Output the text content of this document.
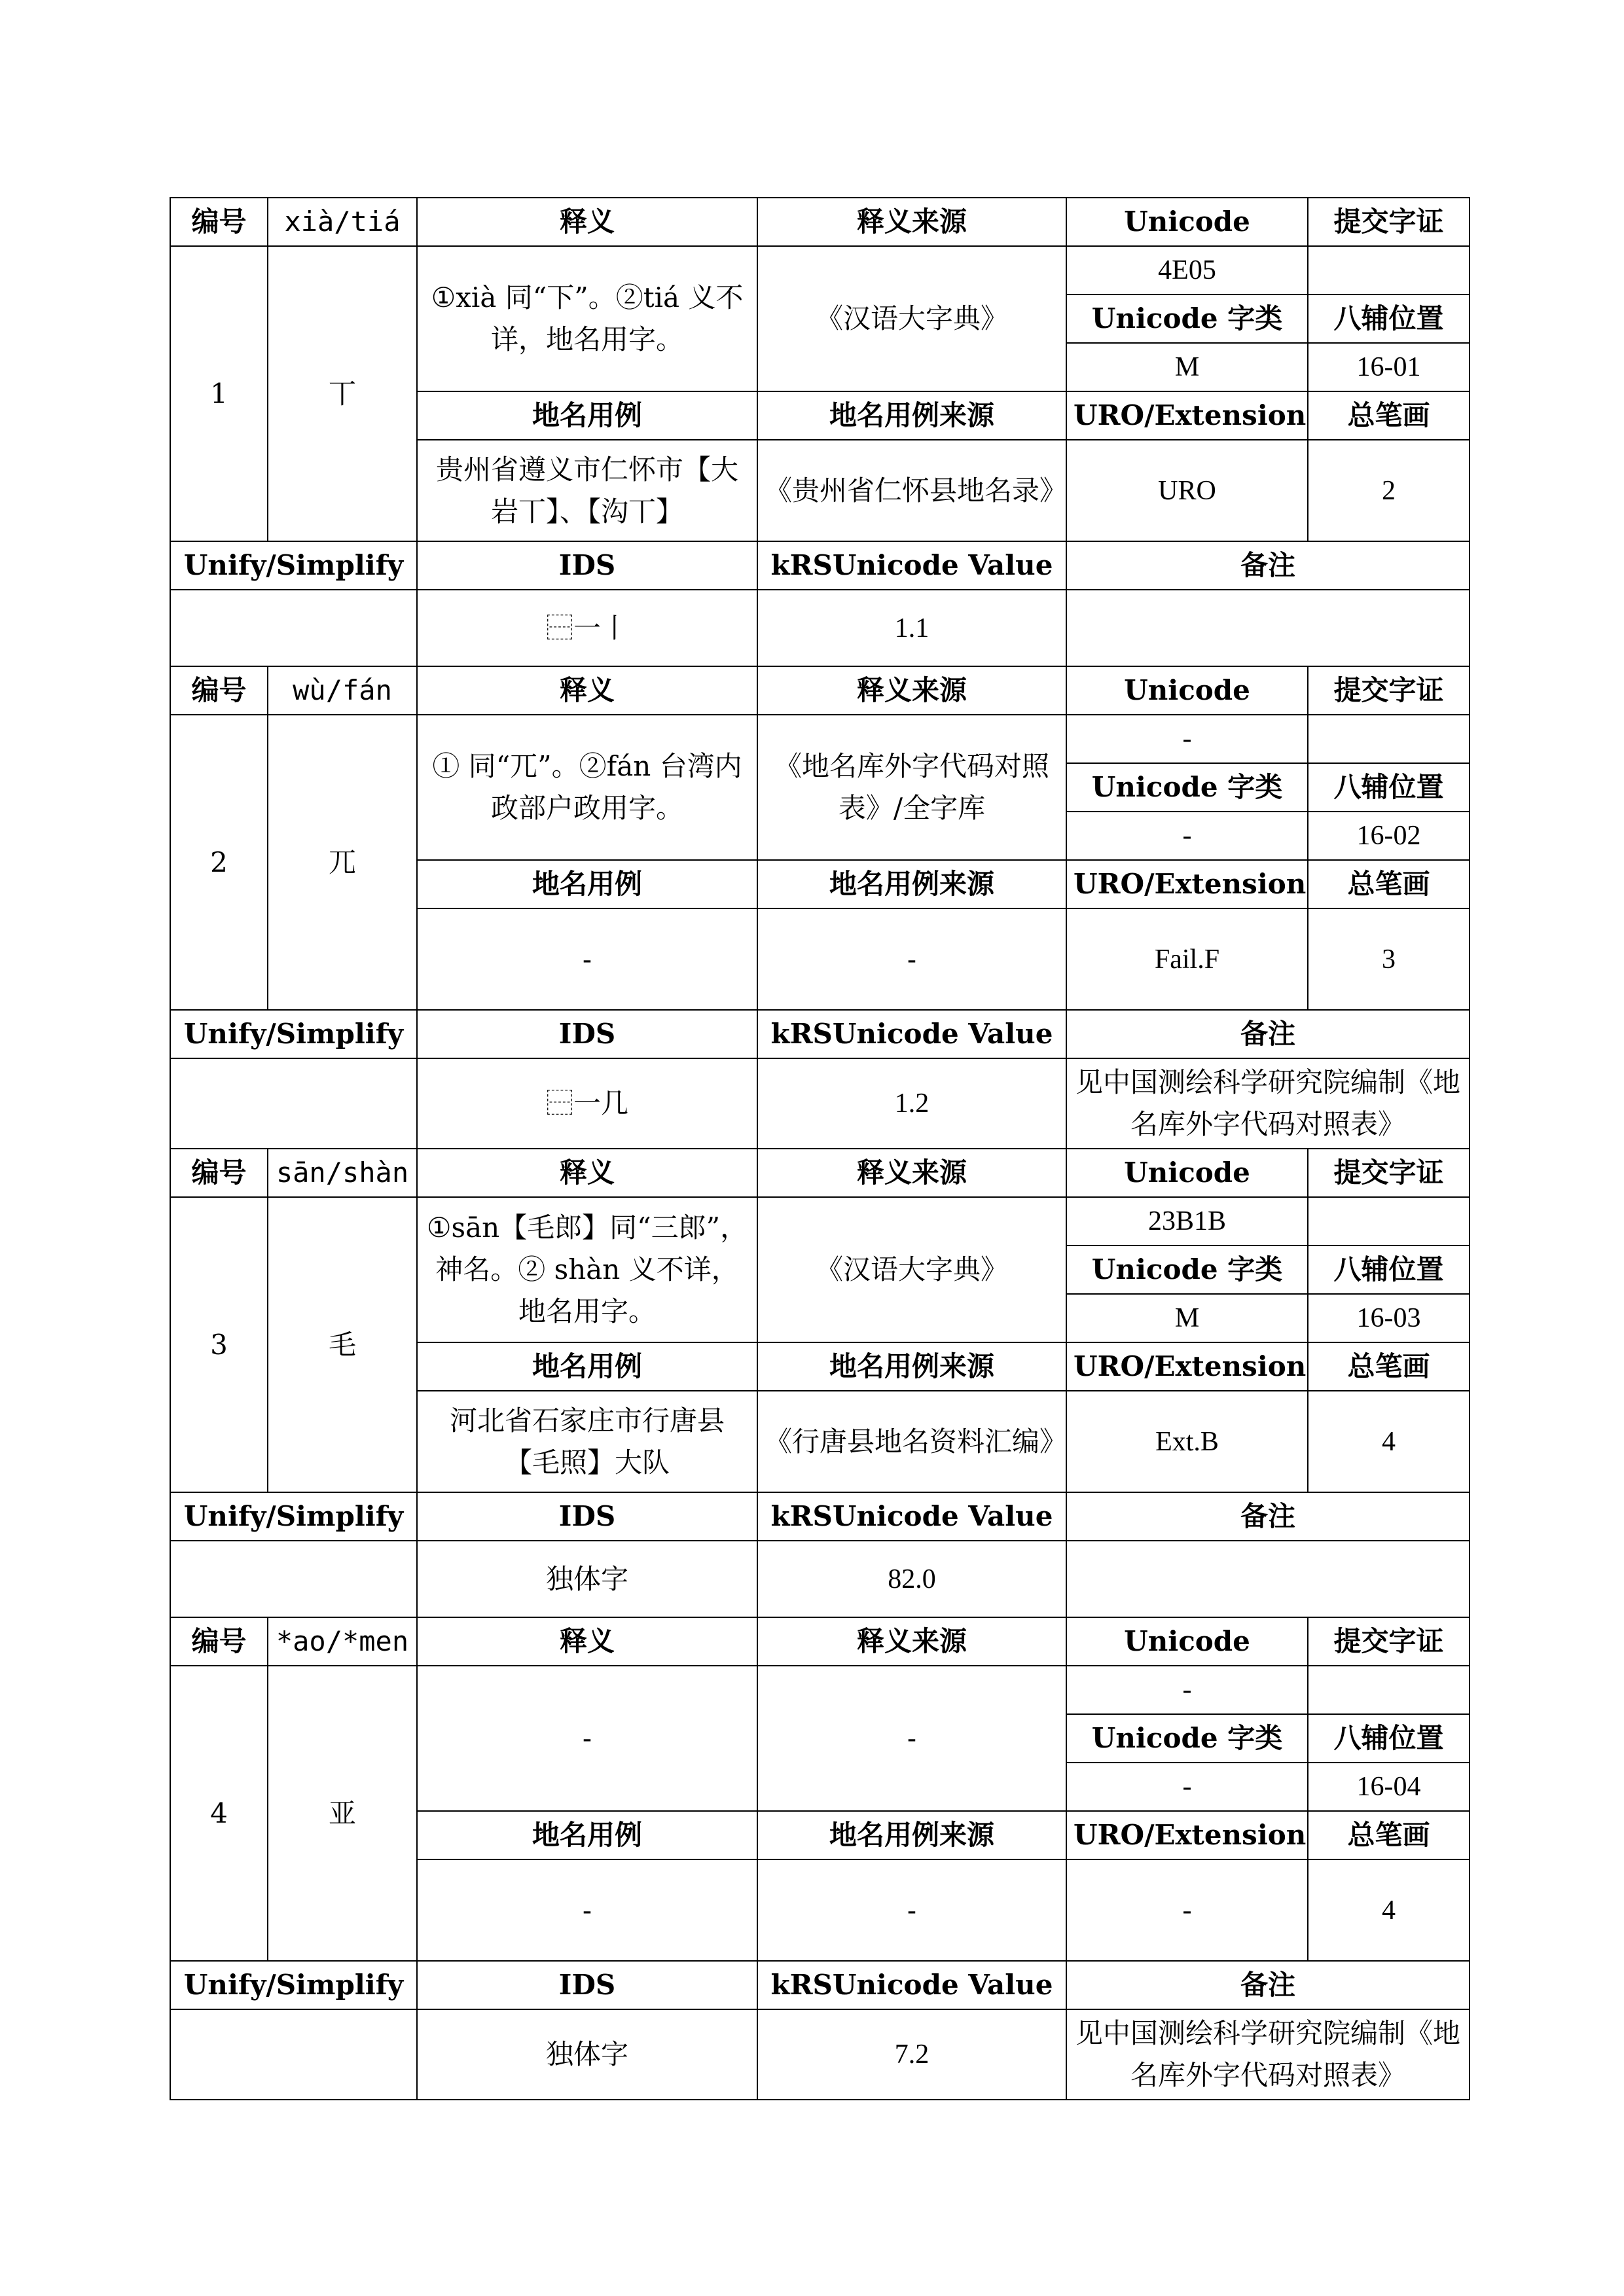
编号	xià/tiá	释义	释义来源	Unicode	提交字证
1	丅	①xià 同“下”。②tiá 义不详，地名用字。	《汉语大字典》	4E05	
				Unicode 字类	八辅位置
				M	16-01
		地名用例	地名用例来源	URO/Extension	总笔画
		贵州省遵义市仁怀市【大岩丅】、【沟丅】	《贵州省仁怀县地名录》	URO	2

Unify/Simplify		IDS	kRSUnicode Value	备注	
		⿱一丨	1.1		
编号	wù/fán	释义	释义来源	Unicode	提交字证
2	兀	① 同“兀”。②fán 台湾内政部户政用字。	《地名库外字代码对照表》/全字库	-	
				Unicode 字类	八辅位置
				-	16-02
		地名用例	地名用例来源	URO/Extension	总笔画
		-	-	Fail.F	3
Unify/Simplify		IDS	kRSUnicode Value	备注	
		⿱一几	1.2	见中国测绘科学研究院编制《地名库外字代码对照表》	
编号	sān/shàn	释义	释义来源	Unicode	提交字证
3	毛	①sān【毛郎】同“三郎”，神名。② shàn 义不详，地名用字。	《汉语大字典》	23B1B	
				Unicode 字类	八辅位置
				M	16-03
		地名用例	地名用例来源	URO/Extension	总笔画
		河北省石家庄市行唐县【毛照】大队	《行唐县地名资料汇编》	Ext.B	4
Unify/Simplify		IDS	kRSUnicode Value	备注	
		独体字	82.0		
编号	*ao/*men	释义	释义来源	Unicode	提交字证
4	亚	-	-	-	
				Unicode 字类	八辅位置
				-	16-04
		地名用例	地名用例来源	URO/Extension	总笔画
		-	-	-	4
Unify/Simplify		IDS	kRSUnicode Value	备注	
		独体字	7.2	见中国测绘科学研究院编制《地名库外字代码对照表》	
